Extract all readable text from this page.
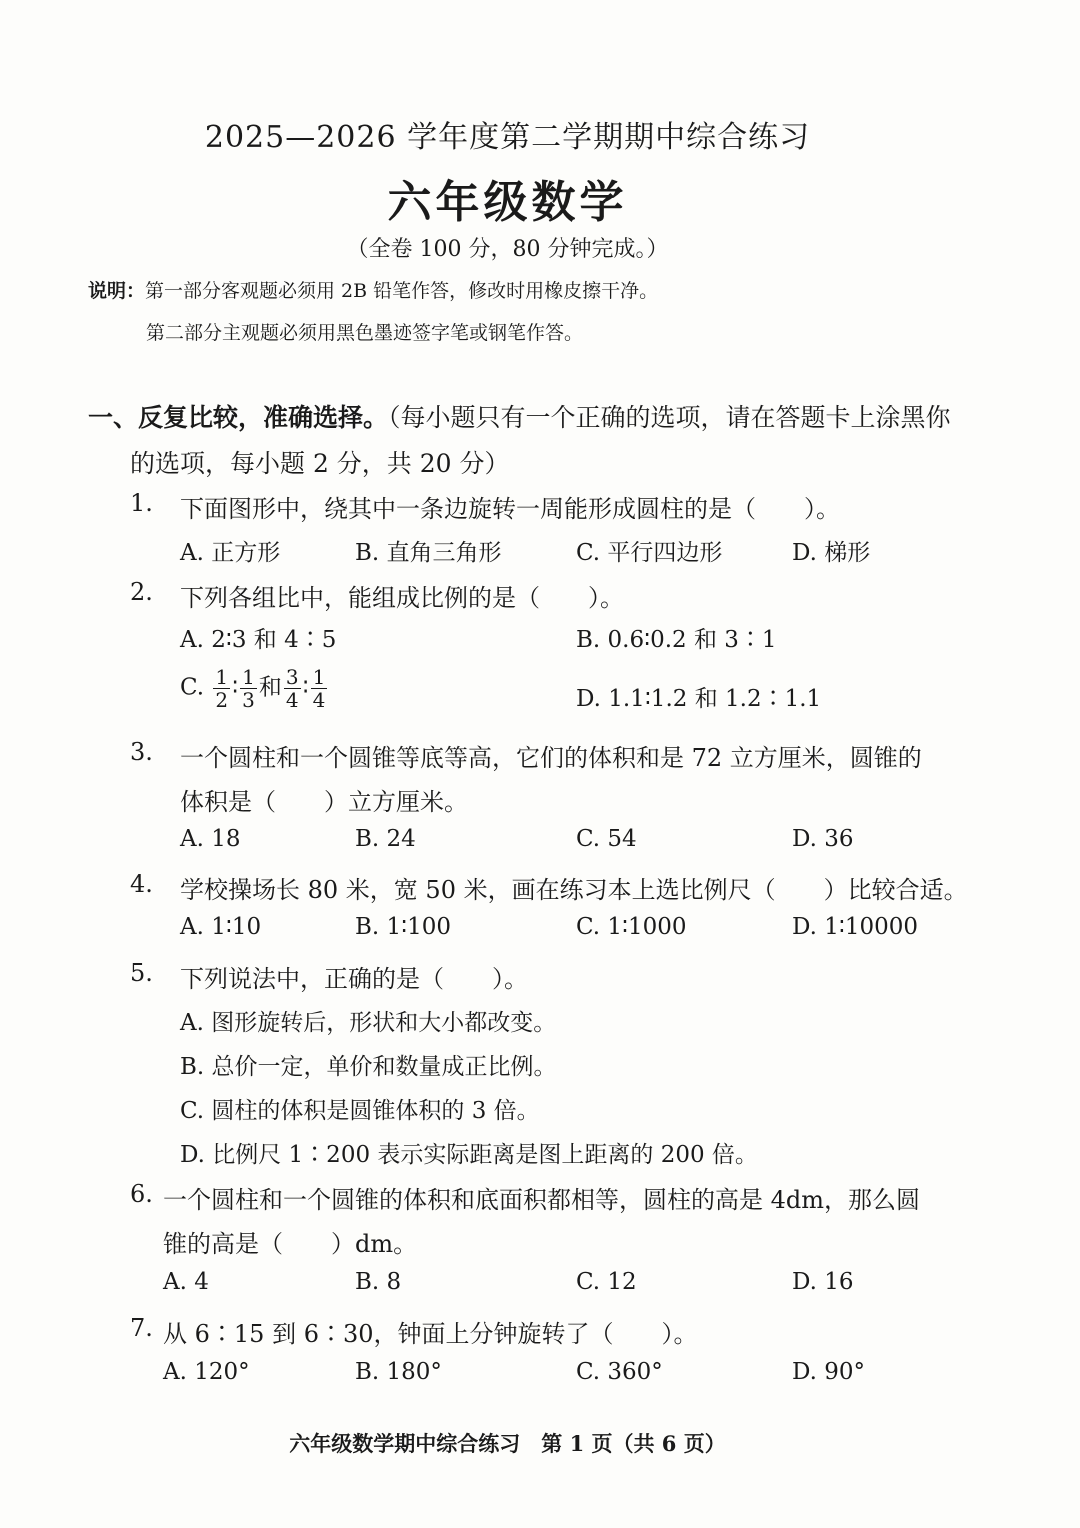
2025—2026 学年度第二学期期中综合练习
六年级数学
（全卷 100 分，80 分钟完成。）
说明：第一部分客观题必须用 2B 铅笔作答，修改时用橡皮擦干净。
第二部分主观题必须用黑色墨迹签字笔或钢笔作答。
一、反复比较，准确选择。（每小题只有一个正确的选项，请在答题卡上涂黑你
的选项，每小题 2 分，共 20 分）
1. 下面图形中，绕其中一条边旋转一周能形成圆柱的是（　　）。
A. 正方形	B. 直角三角形	C. 平行四边形	D. 梯形
2. 下列各组比中，能组成比例的是（　　）。
A. 2∶3 和 4∶5	B. 0.6∶0.2 和 3∶1
C. $\frac{1}{2}$ ∶ $\frac{1}{3}$ 和 $\frac{3}{4}$ ∶ $\frac{1}{4}$	D. 1.1∶1.2 和 1.2∶1.1
3. 一个圆柱和一个圆锥等底等高，它们的体积和是 72 立方厘米，圆锥的
体积是（　　）立方厘米。
A. 18	B. 24	C. 54	D. 36
4. 学校操场长 80 米，宽 50 米，画在练习本上选比例尺（　　）比较合适。
A. 1∶10	B. 1∶100	C. 1∶1000	D. 1∶10000
5. 下列说法中，正确的是（　　）。
A. 图形旋转后，形状和大小都改变。
B. 总价一定，单价和数量成正比例。
C. 圆柱的体积是圆锥体积的 3 倍。
D. 比例尺 1∶200 表示实际距离是图上距离的 200 倍。
6. 一个圆柱和一个圆锥的体积和底面积都相等，圆柱的高是 4dm，那么圆
锥的高是（　　）dm。
A. 4	B. 8	C. 12	D. 16
7. 从 6∶15 到 6∶30，钟面上分钟旋转了（　　）。
A. 120°	B. 180°	C. 360°	D. 90°
六年级数学期中综合练习　第 1 页（共 6 页）
